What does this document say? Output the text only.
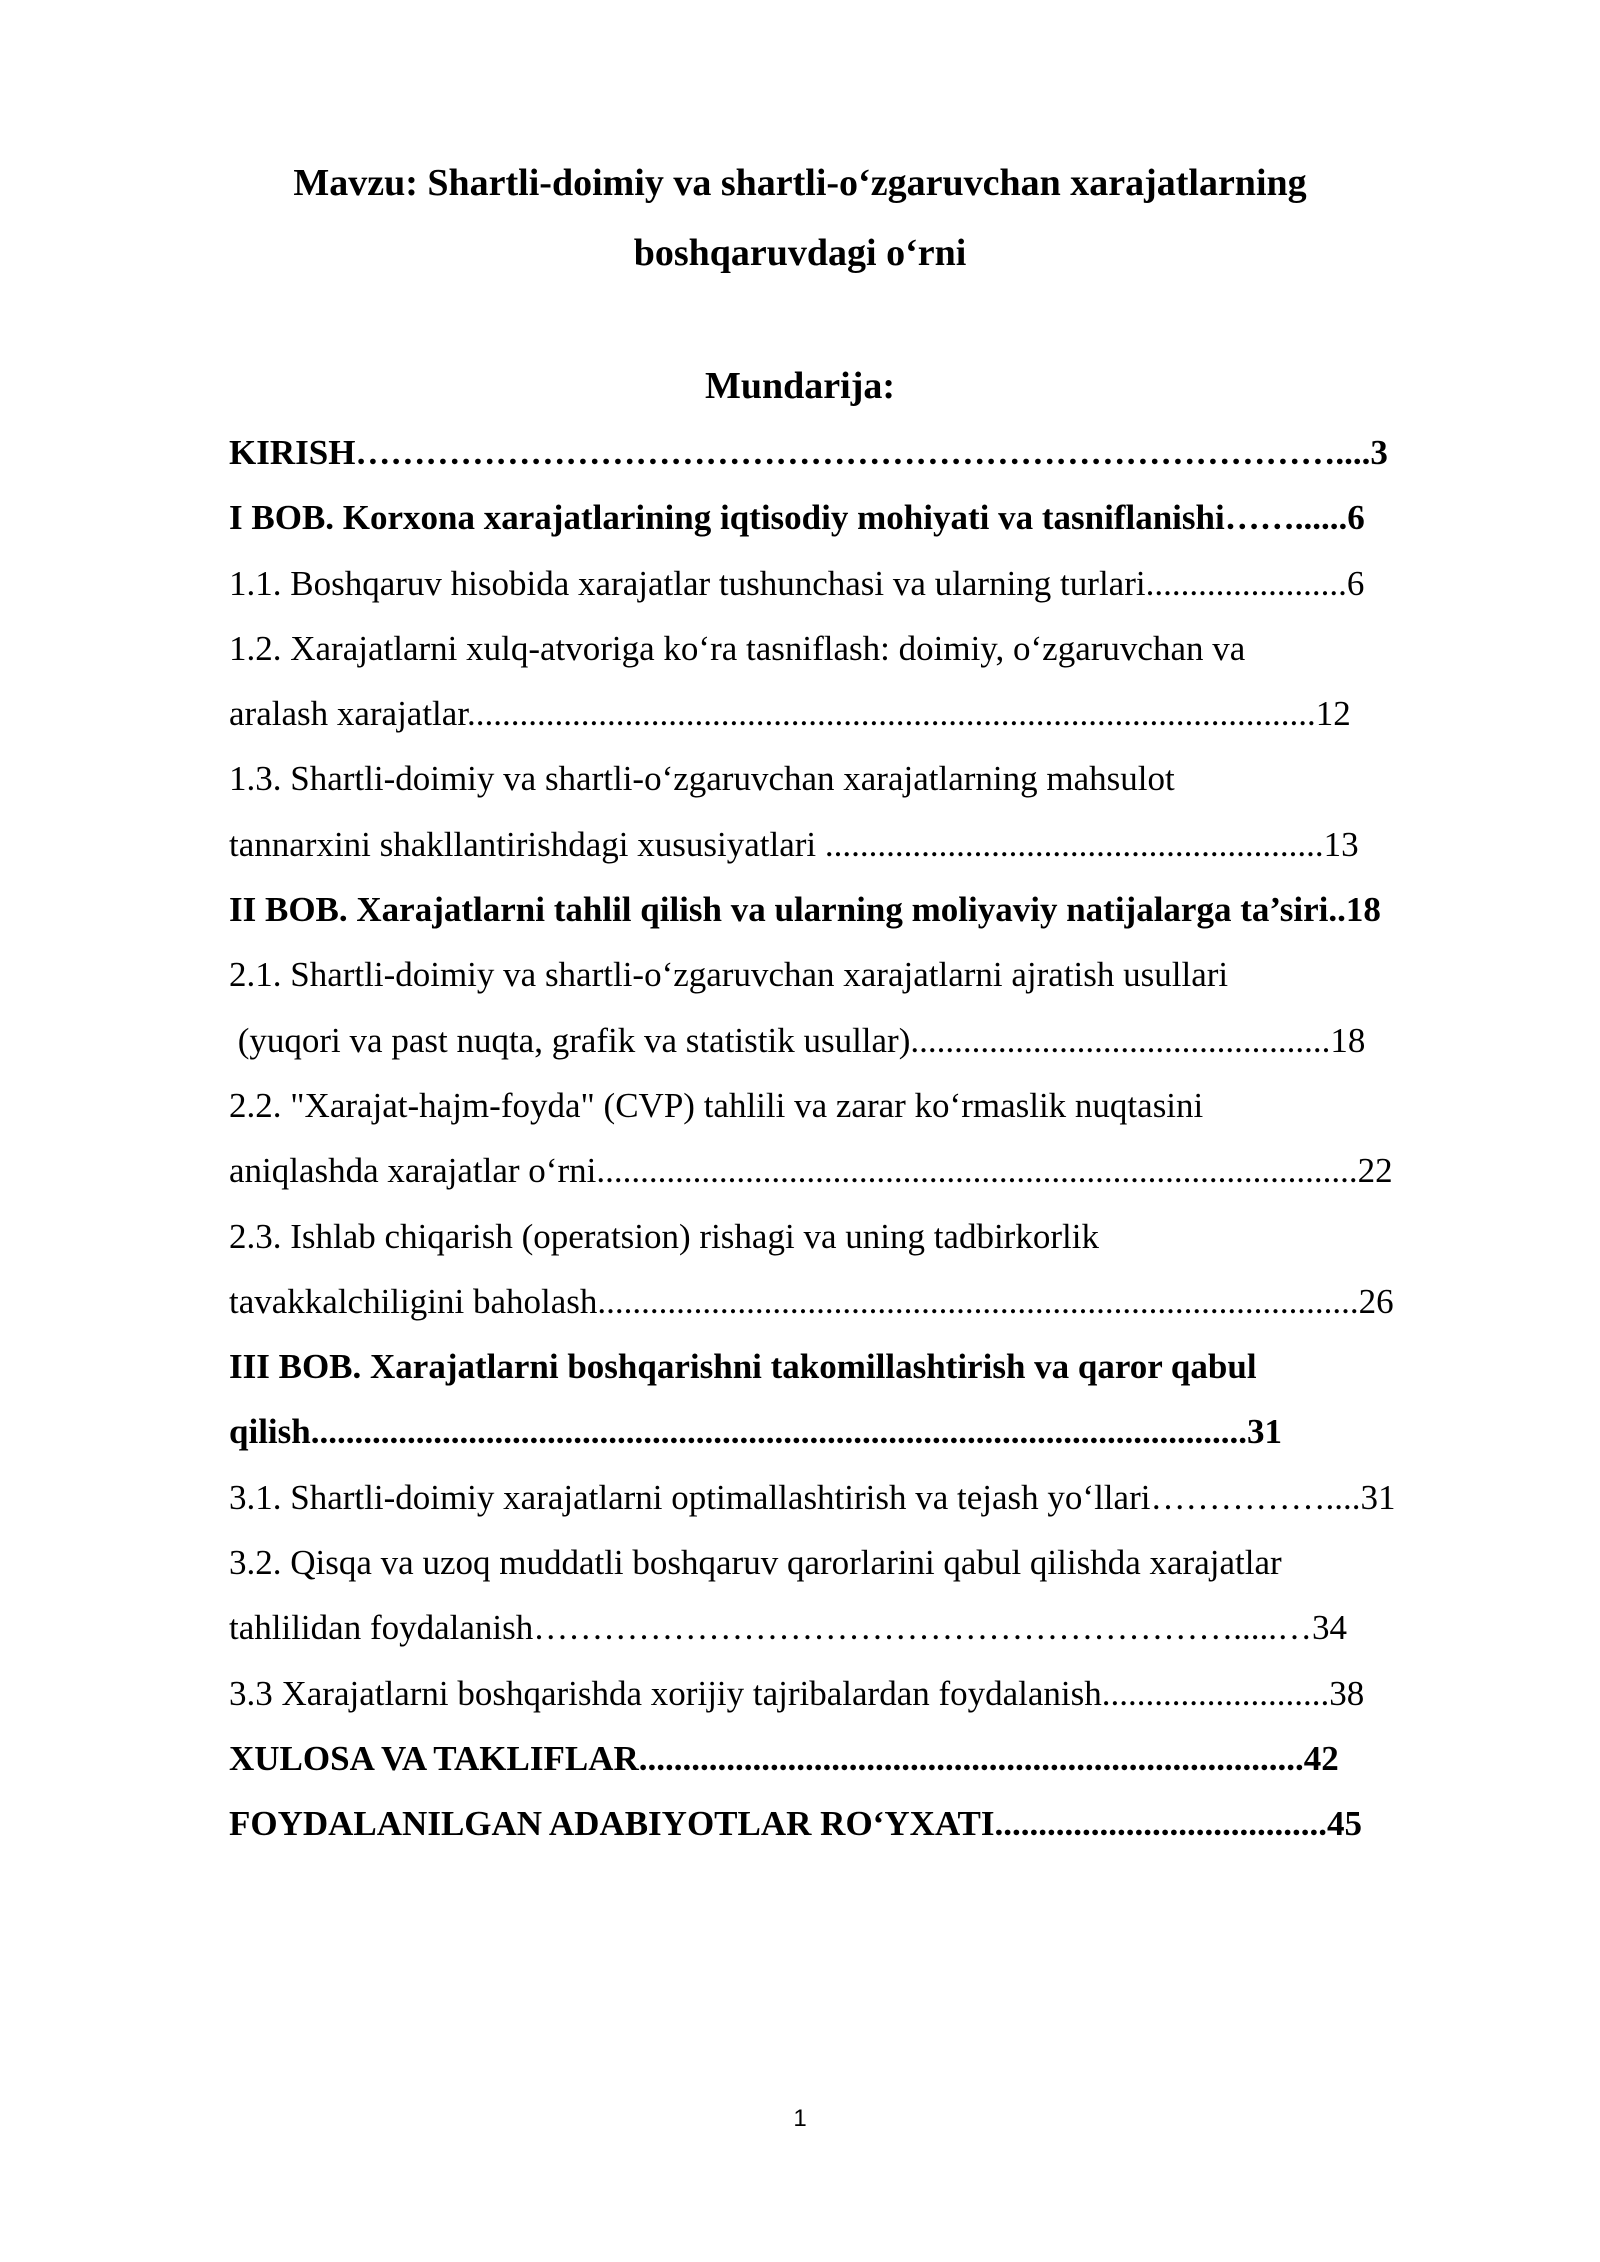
Mavzu: Shartli-doimiy va shartli-o‘zgaruvchan xarajatlarning
boshqaruvdagi o‘rni
Mundarija:
KIRISH…………………………………………………………………………....3
I BOB. Korxona xarajatlarining iqtisodiy mohiyati va tasniflanishi……......6
1.1. Boshqaruv hisobida xarajatlar tushunchasi va ularning turlari.......................6
1.2. Xarajatlarni xulq-atvoriga ko‘ra tasniflash: doimiy, o‘zgaruvchan va
aralash xarajatlar.................................................................................................12
1.3. Shartli-doimiy va shartli-o‘zgaruvchan xarajatlarning mahsulot
tannarxini shakllantirishdagi xususiyatlari .........................................................13
II BOB. Xarajatlarni tahlil qilish va ularning moliyaviy natijalarga ta’siri..18
2.1. Shartli-doimiy va shartli-o‘zgaruvchan xarajatlarni ajratish usullari
(yuqori va past nuqta, grafik va statistik usullar)................................................18
2.2. "Xarajat-hajm-foyda" (CVP) tahlili va zarar ko‘rmaslik nuqtasini
aniqlashda xarajatlar o‘rni.......................................................................................22
2.3. Ishlab chiqarish (operatsion) rishagi va uning tadbirkorlik
tavakkalchiligini baholash.......................................................................................26
III BOB. Xarajatlarni boshqarishni takomillashtirish va qaror qabul
qilish...........................................................................................................31
3.1. Shartli-doimiy xarajatlarni optimallashtirish va tejash yo‘llari……………....31
3.2. Qisqa va uzoq muddatli boshqaruv qarorlarini qabul qilishda xarajatlar
tahlilidan foydalanish…………………………………………………….....…34
3.3 Xarajatlarni boshqarishda xorijiy tajribalardan foydalanish..........................38
XULOSA VA TAKLIFLAR............................................................................42
FOYDALANILGAN ADABIYOTLAR RO‘YXATI......................................45
1
